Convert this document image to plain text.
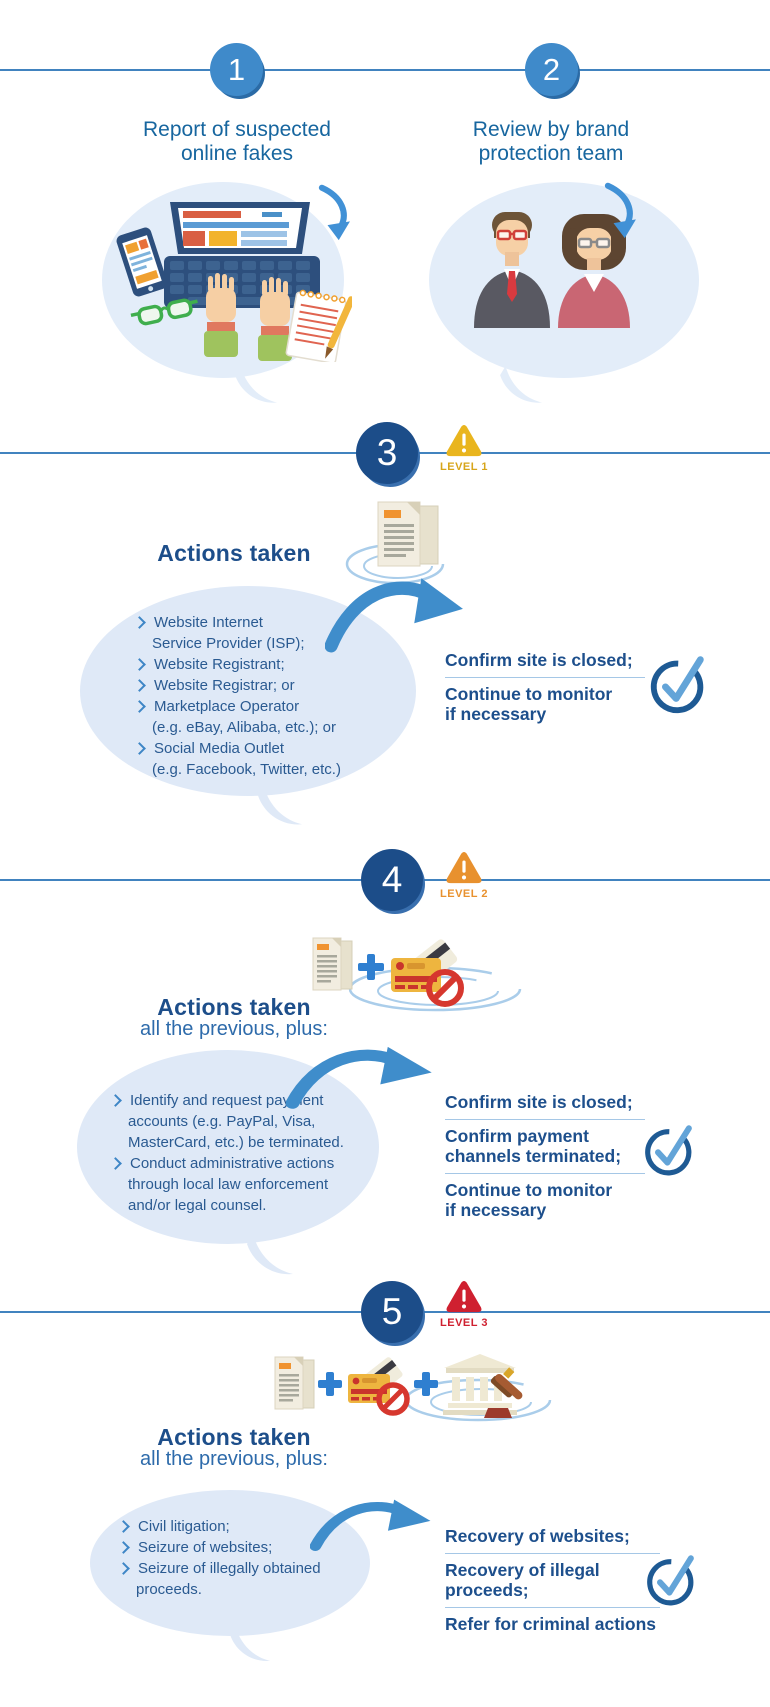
1	2
Report of suspected
online fakes
Review by brand
protection team
3	LEVEL 1
Actions taken
Website Internet
Service Provider (ISP);
Website Registrant;
Website Registrar; or
Marketplace Operator
(e.g. eBay, Alibaba, etc.); or
Social Media Outlet
(e.g. Facebook, Twitter, etc.)
Confirm site is closed;
Continue to monitor
if necessary
4	LEVEL 2
Actions taken
all the previous, plus:
Identify and request payment
accounts (e.g. PayPal, Visa,
MasterCard, etc.) be terminated.
Conduct administrative actions
through local law enforcement
and/or legal counsel.
Confirm site is closed;
Confirm payment
channels terminated;
Continue to monitor
if necessary
5	LEVEL 3
Actions taken
all the previous, plus:
Civil litigation;
Seizure of websites;
Seizure of illegally obtained
proceeds.
Recovery of websites;
Recovery of illegal
proceeds;
Refer for criminal actions
